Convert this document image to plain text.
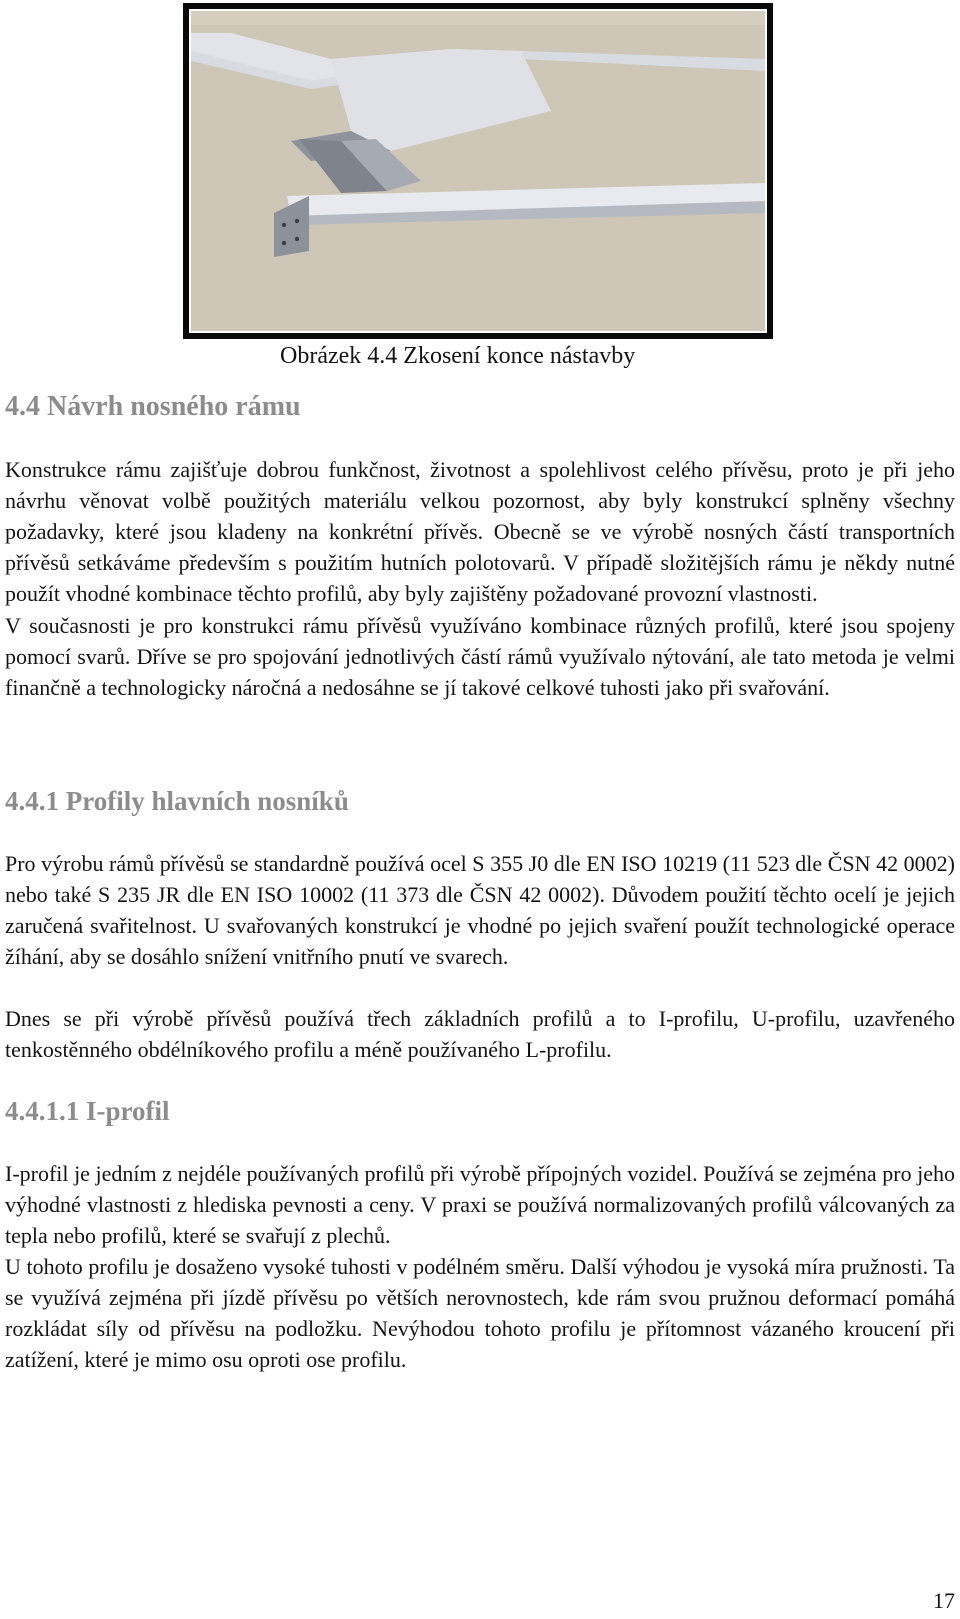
Obrázek 4.4 Zkosení konce nástavby
4.4 Návrh nosného rámu

Konstrukce rámu zajišťuje dobrou funkčnost, životnost a spolehlivost celého přívěsu, proto je při jeho návrhu věnovat volbě použitých materiálu velkou pozornost, aby byly konstrukcí splněny všechny požadavky, které jsou kladeny na konkrétní přívěs. Obecně se ve výrobě nosných částí transportních přívěsů setkáváme především s použitím hutních polotovarů. V případě složitějších rámu je někdy nutné použít vhodné kombinace těchto profilů, aby byly zajištěny požadované provozní vlastnosti.

V současnosti je pro konstrukci rámu přívěsů využíváno kombinace různých profilů, které jsou spojeny pomocí svarů. Dříve se pro spojování jednotlivých částí rámů využívalo nýtování, ale tato metoda je velmi finančně a technologicky náročná a nedosáhne se jí takové celkové tuhosti jako při svařování.

4.4.1 Profily hlavních nosníků

Pro výrobu rámů přívěsů se standardně používá ocel S 355 J0 dle EN ISO 10219 (11 523 dle ČSN 42 0002) nebo také S 235 JR dle EN ISO 10002 (11 373 dle ČSN 42 0002). Důvodem použití těchto ocelí je jejich zaručená svařitelnost. U svařovaných konstrukcí je vhodné po jejich svaření použít technologické operace žíhání, aby se dosáhlo snížení vnitřního pnutí ve svarech.

Dnes se při výrobě přívěsů používá třech základních profilů a to I-profilu, U-profilu, uzavřeného tenkostěnného obdélníkového profilu a méně používaného L-profilu.

4.4.1.1 I-profil

I-profil je jedním z nejdéle používaných profilů při výrobě přípojných vozidel. Používá se zejména pro jeho výhodné vlastnosti z hlediska pevnosti a ceny. V praxi se používá normalizovaných profilů válcovaných za tepla nebo profilů, které se svařují z plechů.

U tohoto profilu je dosaženo vysoké tuhosti v podélném směru. Další výhodou je vysoká míra pružnosti. Ta se využívá zejména při jízdě přívěsu po větších nerovnostech, kde rám svou pružnou deformací pomáhá rozkládat síly od přívěsu na podložku. Nevýhodou tohoto profilu je přítomnost vázaného kroucení při zatížení, které je mimo osu oproti ose profilu.

17
